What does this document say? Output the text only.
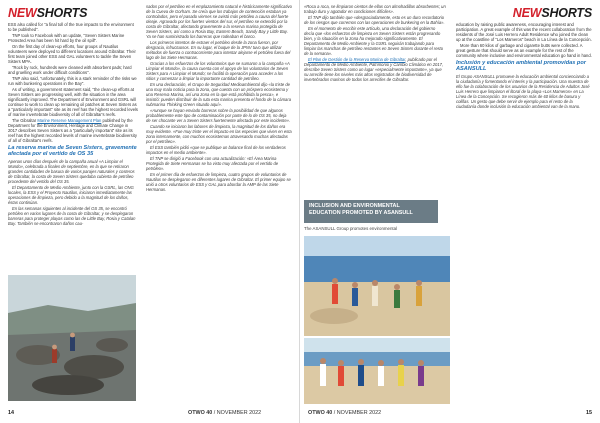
NEWSHORTS

ESS also called for "a final toll of the true impacts to the environment to be published".

TNP took to Facebook with an update, "Seven Sisters Marine Protected Area has been hit hard by the oil spill".

On the first day of clean-up efforts, four groups of Nautilus volunteers were deployed to different locations around Gibraltar. Their first team joined other ESS and GAL volunteers to tackle the Seven Sisters MPA.

"Rock by rock, hundreds were cleaned with absorbent pads; hard and gruelling work under difficult conditions".

TNP also said, "unfortunately, this is a stark reminder of the risks we run with bunkering operations in the Bay".

As of writing, a government statement said, "the clean-up efforts at Seven Sisters are progressing well, with the situation in the area significantly improved. The Department of Environment and GSRL will continue to work to clean up remaining oil patches at Seven Sisters as a "particularly important" site as its reef has the highest recorded levels of marine invertebrate biodiversity of all of Gibraltar's reefs.

The Gibraltar Marine Reserve Management Plan published by the Department for the Environment, Heritage and Climate Change in 2017 describes Seven Sisters as a "particularly important" site as its reef has the highest recorded levels of marine invertebrate biodiversity of all of Gibraltar's reefs.

La reserva marina de Seven Sisters, gravemente afectada por el vertido de OS 35

Apenas unos días después de la campaña anual «A Limpiar el Mundo», celebrada a finales de septiembre, en la que se retiraron grandes cantidades de basura de varios parajes naturales y costeros de Gibraltar, la costa de Seven Sisters quedaba cubierta de petróleo procedente del vertido del OS 35.

El Departamento de Medio Ambiente, junto con la GSRL, las ONG locales, la ESS y el Proyecto Nautilus, iniciaron inmediatamente las operaciones de limpieza, pero debido a la magnitud de los daños, éstas continúan.

En las semanas siguientes al incidente del OS 35, se encontró petróleo en varios lugares de la costa de Gibraltar, y se desplegaron barreras para proteger playas como las de Little Bay, Rosia y Catalan Bay. También se encontraron daños cau-

sados por el petróleo en el emplazamiento natural e históricamente significativo de la Cueva de Gorham. Se creía que los trabajos de contención estaban ya controlados, pero el pasado viernes se avistó más petróleo a causa del fuerte oleaje. Agravado por los fuertes vientos del sur, el petróleo se extendió por la costa de Gibraltar, afectando gravemente a la reserva marina protegida de Seven Sisters, así como a Rosia Bay, Eastern Beach, Sandy Bay y Little Bay. Ya se han suministrado los barreras que rodeaban el barco.

Los primeros intentos de extraer el petróleo desde la zona fueron, por desgracia, infructuosos. En su lugar, el buque de la JPNV tuvo que utilizar métodos de fuerza o contracorriente para intentar alejarse el petróleo fuera del lago de las Siete Hermanas.

Gracias a los esfuerzos de los voluntarios que se sumaron a la campaña «A Limpiar el Mundo», la causa cuenta con el apoyo de los voluntarios de Seven Sisters para A Limpiar el Mundo; se facilitó la operación para acceder a los sitios y comenzar a limpiar la importante cantidad de petróleo.

En una declaración, el Grupo de Seguridad Medioambiental dijo «la triste de una muy mala noticia para la zona, que cuenta con un próspero ecosistema y una Reserva Marina, así una zona en la que está prohibida la pesca», e insistió: pueden distribuir de la ruta esta marina presenta el fondo de la cámara submarina Thinking Green situado aquí».

«Aunque se hayan enviado barreras sobre la posibilidad de que algunos probablemente este tipo de contaminación por parte de lo de OS 35, no deja de ser chocante ver a Seven Sisters fuertemente afectada por este incidente».

Cuando se iniciaron las labores de limpieza, la magnitud de los daños era muy evidente. «Fue muy triste ver el impacto en las especies que viven en esta zona internamente, con muchos ecosistemas atravesando muchas afectadas por el petróleo».

El ESS también pidió «que se publique un balance final de los verdaderos impactos en el medio ambiente».

El TNP se dirigió a Facebook con una actualización: «El Área Marina Protegida de Siete Hermanas se ha visto muy afectada por el vertido de petróleo».

En el primer día de esfuerzos de limpieza, cuatro grupos de voluntarios de Nautilus se desplegaron en diferentes lugares de Gibraltar. El primer equipo se unió a otros voluntarios de ESS y GAL para abordar la AMP de las Siete Hermanas.

14	OTWO 40 / NOVEMBER 2022
NEWSHORTS

«Roca a roca, se limpiaron cientos de ellas con almohadillas absorbentes; un trabajo duro y agotador en condiciones difíciles».

El TNP dijo también que «desgraciadamente, esto es un duro recordatorio de los riesgos que corremos con las operaciones de bunkering en la Bahía».

En el momento de escribir este artículo, una declaración del gobierno decía que «los esfuerzos de limpieza en Seven Sisters están progresando bien, y la situación en la zona ha mejorado significativamente. El Departamento de Medio Ambiente y la GSRL seguirán trabajando para limpiar las manchas de petróleo restantes en Seven Sisters durante el resto de la semana».

El Plan de Gestión de la Reserva Marina de Gibraltar, publicado por el Departamento de Medio Ambiente, Patrimonio y Cambio Climático en 2017, describe Seven Sisters como un lugar «especialmente importante», ya que su arrecife tiene los niveles más altos registrados de biodiversidad de invertebrados marinos de todos los arrecifes de Gibraltar.

INCLUSION AND ENVIRONMENTAL
EDUCATION PROMOTED BY ASANSULL
The ASANSULL Group promotes environmental

education by raising public awareness, encouraging interest and participation. A great example of this was the recent collaboration from the residents of the José Luis Herrero Adult Residence who joined the clean up at the coastline of "Los Mameros" beach in La Línea de la Concepción.

More than 60 kilos of garbage and cigarette butts were collected. A great gesture that should serve as an example for the rest of the community where inclusive and environmental education go hand in hand.

Inclusión y educación ambiental promovidas por ASANSULL

El Grupo ASANSULL promueve la educación ambiental concienciando a la ciudadanía y fomentando el interés y la participación. Una muestra de ello fue la colaboración de los usuarios de la Residencia de Adultos José Luis Herrero que limpiaron el litoral de la playa «Los Mameros» en La Línea de la Concepción. Se recogieron más de 60 kilos de basura y colillas. Un gesto que debe servir de ejemplo para el resto de la ciudadanía donde inclusión la educación ambiental van de la mano.

OTWO 40 / NOVEMBER 2022	15
